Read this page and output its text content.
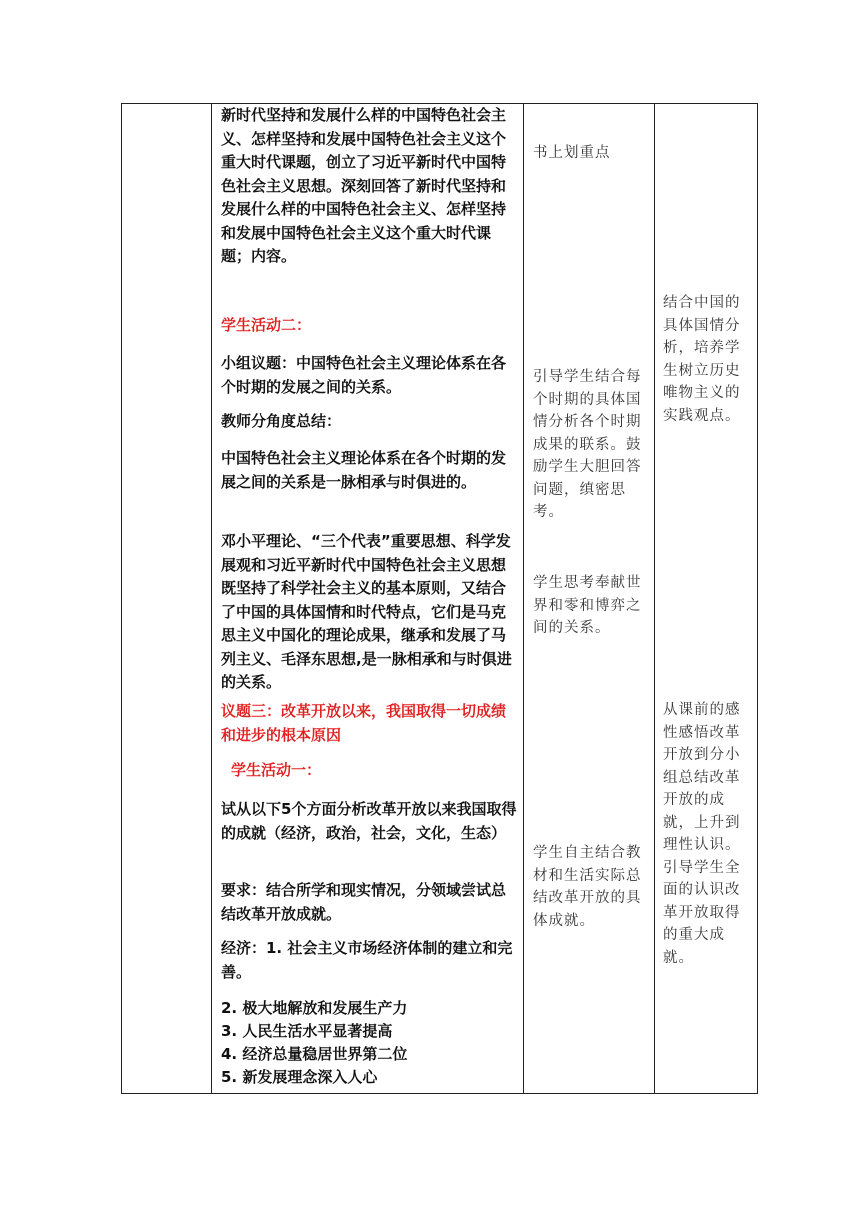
新时代坚持和发展什么样的中国特色社会主义、怎样坚持和发展中国特色社会主义这个重大时代课题，创立了习近平新时代中国特色社会主义思想。深刻回答了新时代坚持和发展什么样的中国特色社会主义、怎样坚持和发展中国特色社会主义这个重大时代课题；内容。

学生活动二：

小组议题：中国特色社会主义理论体系在各个时期的发展之间的关系。

教师分角度总结：

中国特色社会主义理论体系在各个时期的发展之间的关系是一脉相承与时俱进的。

邓小平理论、“三个代表”重要思想、科学发展观和习近平新时代中国特色社会主义思想既坚持了科学社会主义的基本原则，又结合了中国的具体国情和时代特点，它们是马克思主义中国化的理论成果，继承和发展了马列主义、毛泽东思想,是一脉相承和与时俱进的关系。

议题三：改革开放以来，我国取得一切成绩和进步的根本原因

学生活动一：

试从以下5个方面分析改革开放以来我国取得的成就（经济，政治，社会，文化，生态）

要求：结合所学和现实情况，分领域尝试总结改革开放成就。

经济：1. 社会主义市场经济体制的建立和完善。

2. 极大地解放和发展生产力

3. 人民生活水平显著提高

4. 经济总量稳居世界第二位

5. 新发展理念深入人心

书上划重点

引导学生结合每个时期的具体国情分析各个时期成果的联系。鼓励学生大胆回答问题，缜密思考。

学生思考奉献世界和零和博弈之间的关系。

学生自主结合教材和生活实际总结改革开放的具体成就。

结合中国的具体国情分析，培养学生树立历史唯物主义的实践观点。

从课前的感性感悟改革开放到分小组总结改革开放的成就，上升到理性认识。引导学生全面的认识改革开放取得的重大成就。
